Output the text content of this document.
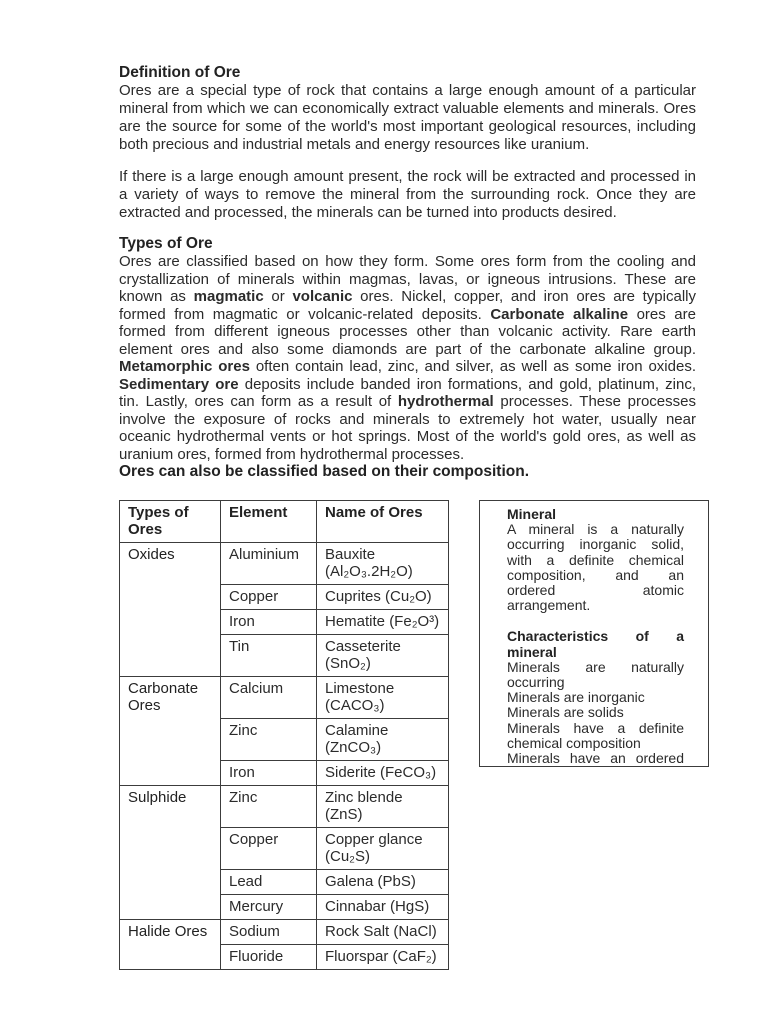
Definition of Ore

Ores are a special type of rock that contains a large enough amount of a particular mineral from which we can economically extract valuable elements and minerals. Ores are the source for some of the world's most important geological resources, including both precious and industrial metals and energy resources like uranium.

If there is a large enough amount present, the rock will be extracted and processed in a variety of ways to remove the mineral from the surrounding rock. Once they are extracted and processed, the minerals can be turned into products desired.

Types of Ore

Ores are classified based on how they form. Some ores form from the cooling and crystallization of minerals within magmas, lavas, or igneous intrusions. These are known as magmatic or volcanic ores. Nickel, copper, and iron ores are typically formed from magmatic or volcanic-related deposits. Carbonate alkaline ores are formed from different igneous processes other than volcanic activity. Rare earth element ores and also some diamonds are part of the carbonate alkaline group. Metamorphic ores often contain lead, zinc, and silver, as well as some iron oxides. Sedimentary ore deposits include banded iron formations, and gold, platinum, zinc, tin. Lastly, ores can form as a result of hydrothermal processes. These processes involve the exposure of rocks and minerals to extremely hot water, usually near oceanic hydrothermal vents or hot springs. Most of the world's gold ores, as well as uranium ores, formed from hydrothermal processes.

Ores can also be classified based on their composition.

Types of Ores	Element	Name of Ores
Oxides	Aluminium	Bauxite (Al₂O₃.2H₂O)
	Copper	Cuprites (Cu₂O)
	Iron	Hematite (Fe₂O³)
	Tin	Casseterite (SnO₂)
Carbonate Ores	Calcium	Limestone (CACO₃)
	Zinc	Calamine (ZnCO₃)
	Iron	Siderite (FeCO₃)
Sulphide	Zinc	Zinc blende (ZnS)
	Copper	Copper glance (Cu₂S)
	Lead	Galena (PbS)
	Mercury	Cinnabar (HgS)
Halide Ores	Sodium	Rock Salt (NaCl)
	Fluoride	Fluorspar (CaF₂)
Mineral
A mineral is a naturally occurring inorganic solid, with a definite chemical composition, and an ordered atomic arrangement.
Characteristics of a mineral
Minerals are naturally occurring
Minerals are inorganic
Minerals are solids
Minerals have a definite chemical composition
Minerals have an ordered
